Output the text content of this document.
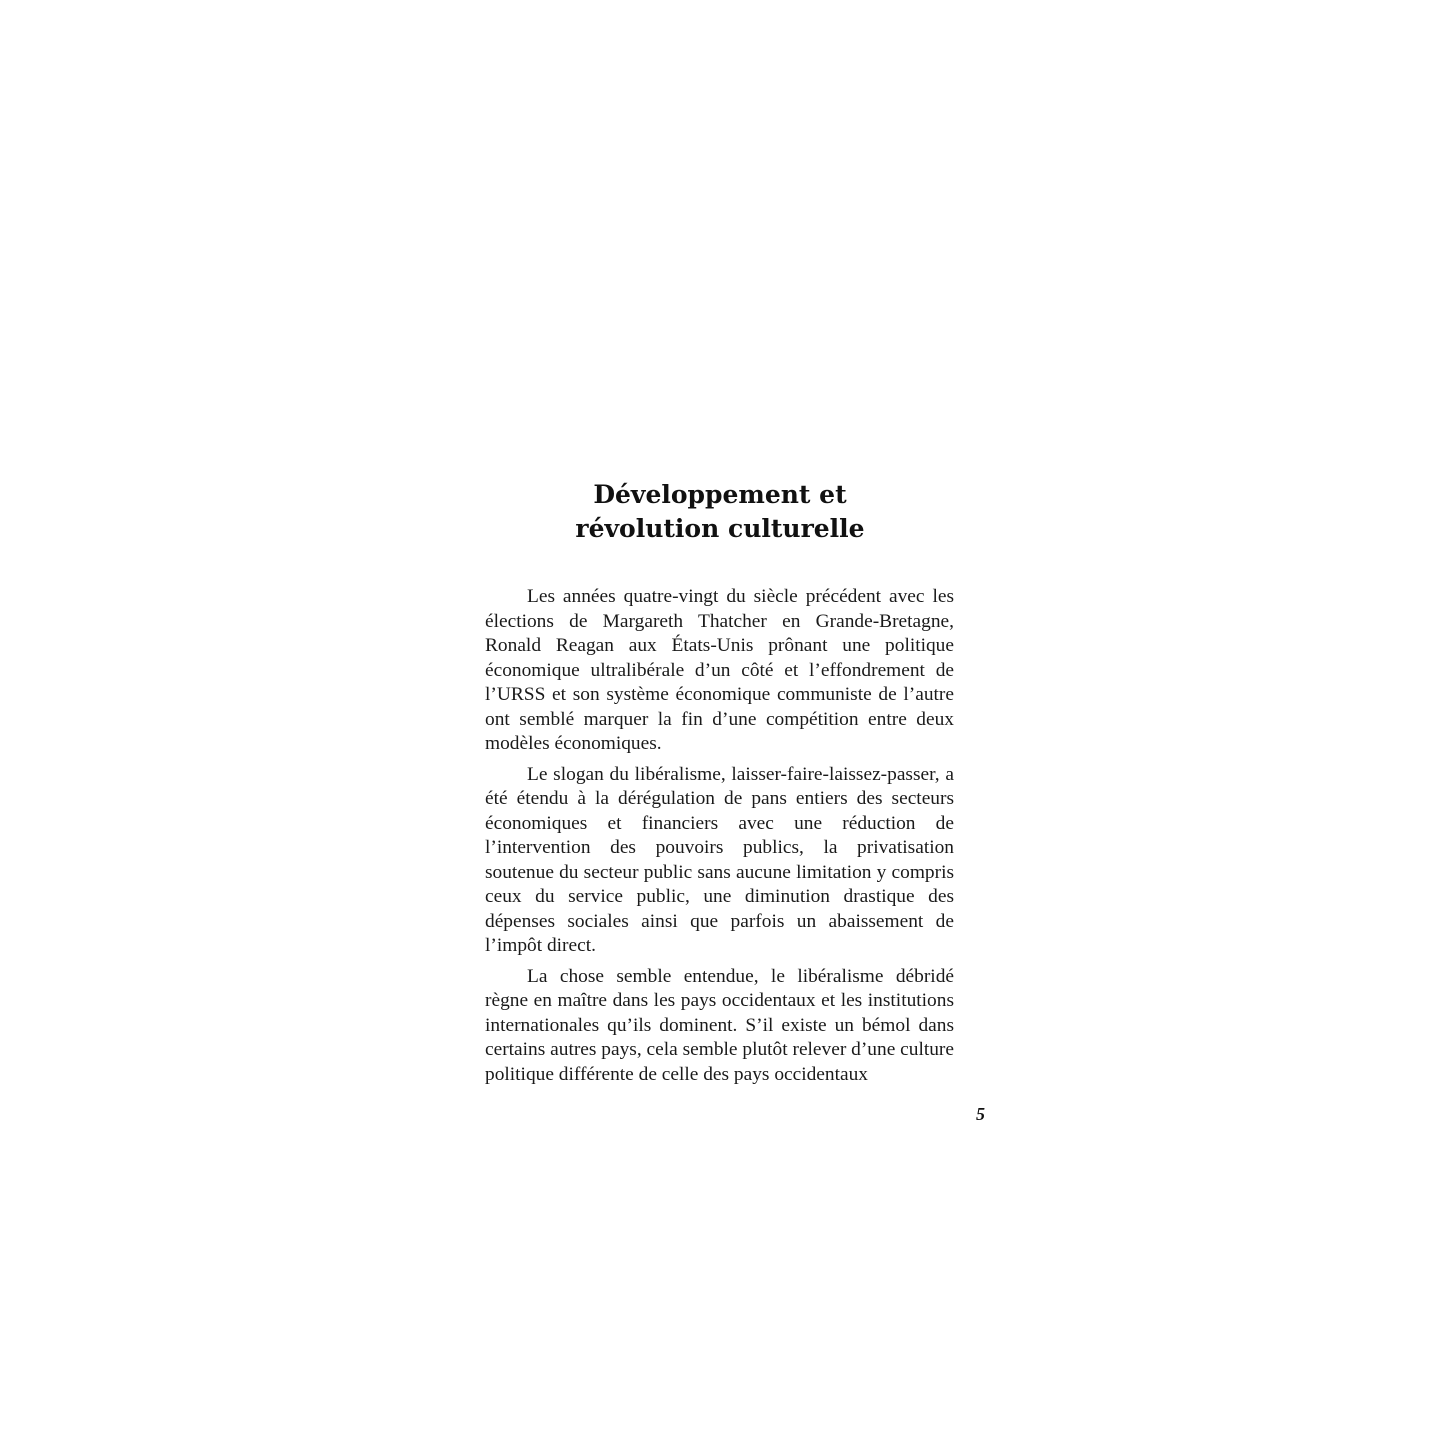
Développement et
révolution culturelle

Les années quatre-vingt du siècle précédent avec les élections de Margareth Thatcher en Grande-Bretagne, Ronald Reagan aux États-Unis prônant une politique économique ultralibérale d’un côté et l’effondrement de l’URSS et son système économique communiste de l’autre ont semblé marquer la fin d’une compétition entre deux modèles économiques.

Le slogan du libéralisme, laisser-faire-laissez-passer, a été étendu à la dérégulation de pans entiers des secteurs économiques et financiers avec une réduction de l’intervention des pouvoirs publics, la privatisation soutenue du secteur public sans aucune limitation y compris ceux du service public, une diminution drastique des dépenses sociales ainsi que parfois un abaissement de l’impôt direct.

La chose semble entendue, le libéralisme débridé règne en maître dans les pays occidentaux et les institutions internationales qu’ils dominent. S’il existe un bémol dans certains autres pays, cela semble plutôt relever d’une culture politique différente de celle des pays occidentaux

5
